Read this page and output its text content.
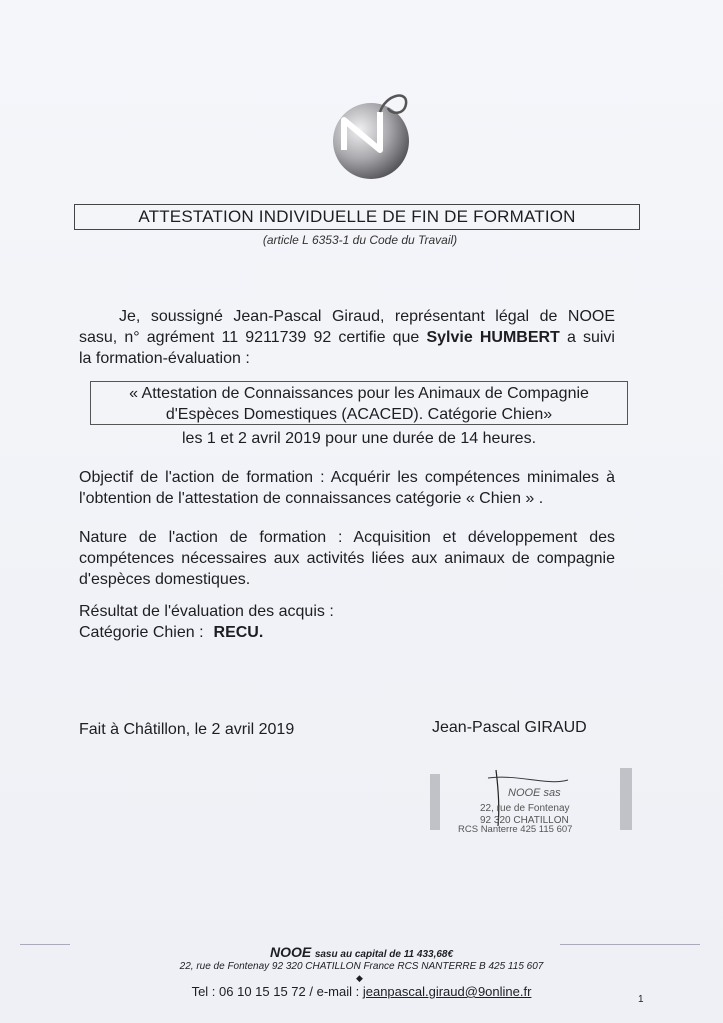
ATTESTATION INDIVIDUELLE DE FIN DE FORMATION
(article L 6353-1 du Code du Travail)
Je, soussigné Jean-Pascal Giraud, représentant légal de NOOE
sasu, n° agrément 11 9211739 92 certifie que Sylvie HUMBERT a suivi
la formation-évaluation :
« Attestation de Connaissances pour les Animaux de Compagnie
d'Espèces Domestiques (ACACED). Catégorie Chien»
les 1 et 2 avril 2019 pour une durée de 14 heures.
Objectif de l'action de formation : Acquérir les compétences minimales à
l'obtention de l'attestation de connaissances catégorie « Chien » .
Nature de l'action de formation : Acquisition et développement des
compétences nécessaires aux activités liées aux animaux de compagnie
d'espèces domestiques.
Résultat de l'évaluation des acquis :
Catégorie Chien : RECU.
Fait à Châtillon, le 2 avril 2019	Jean-Pascal GIRAUD
NOOE sas
22, rue de Fontenay
92 320 CHATILLON
RCS Nanterre 425 115 607
NOOE sasu au capital de 11 433,68€
22, rue de Fontenay 92 320 CHATILLON France RCS NANTERRE B 425 115 607
◆
Tel : 06 10 15 15 72 / e-mail : jeanpascal.giraud@9online.fr
1
